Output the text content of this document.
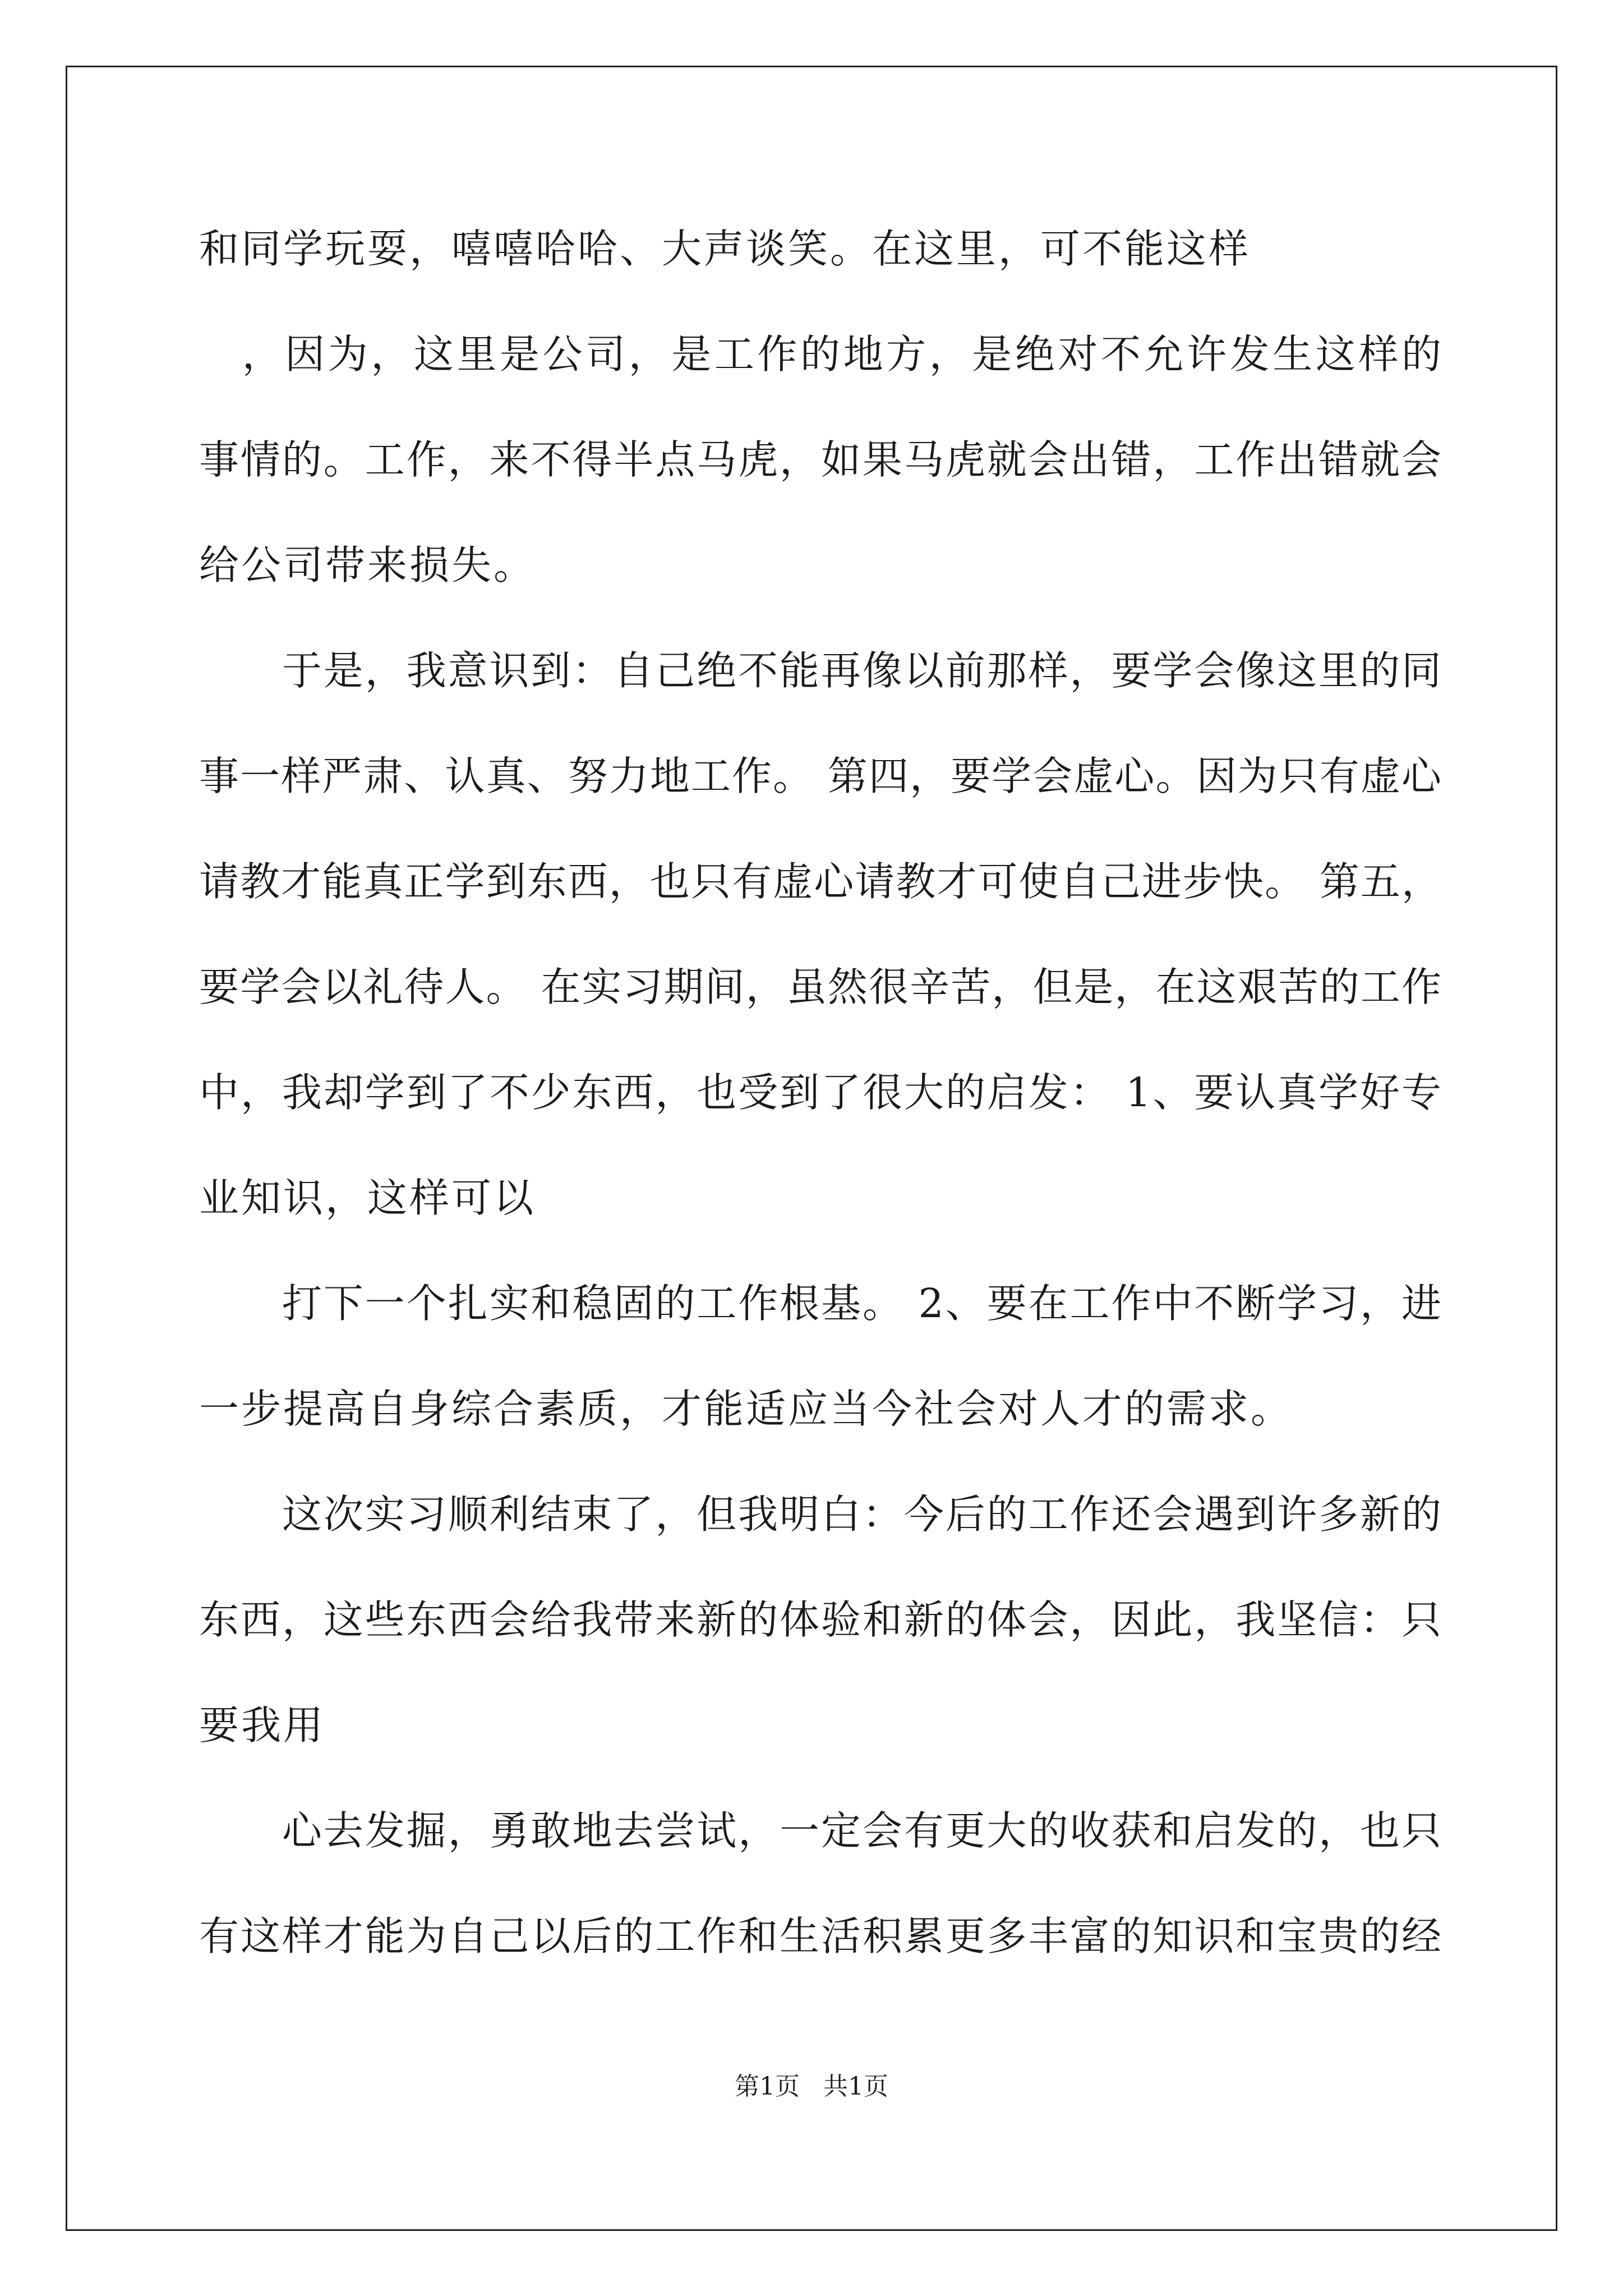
和同学玩耍，嘻嘻哈哈、大声谈笑。在这里，可不能这样
　，因为，这里是公司，是工作的地方，是绝对不允许发生这样的
事情的。工作，来不得半点马虎，如果马虎就会出错，工作出错就会
给公司带来损失。
　　于是，我意识到：自己绝不能再像以前那样，要学会像这里的同
事一样严肃、认真、努力地工作。 第四，要学会虚心。因为只有虚心
请教才能真正学到东西，也只有虚心请教才可使自己进步快。 第五，
要学会以礼待人。 在实习期间，虽然很辛苦，但是，在这艰苦的工作
中，我却学到了不少东西，也受到了很大的启发： 1、要认真学好专
业知识，这样可以
　　打下一个扎实和稳固的工作根基。 2、要在工作中不断学习，进
一步提高自身综合素质，才能适应当今社会对人才的需求。
　　这次实习顺利结束了，但我明白：今后的工作还会遇到许多新的
东西，这些东西会给我带来新的体验和新的体会，因此，我坚信：只
要我用
　　心去发掘，勇敢地去尝试，一定会有更大的收获和启发的，也只
有这样才能为自己以后的工作和生活积累更多丰富的知识和宝贵的经
第1页   共1页
